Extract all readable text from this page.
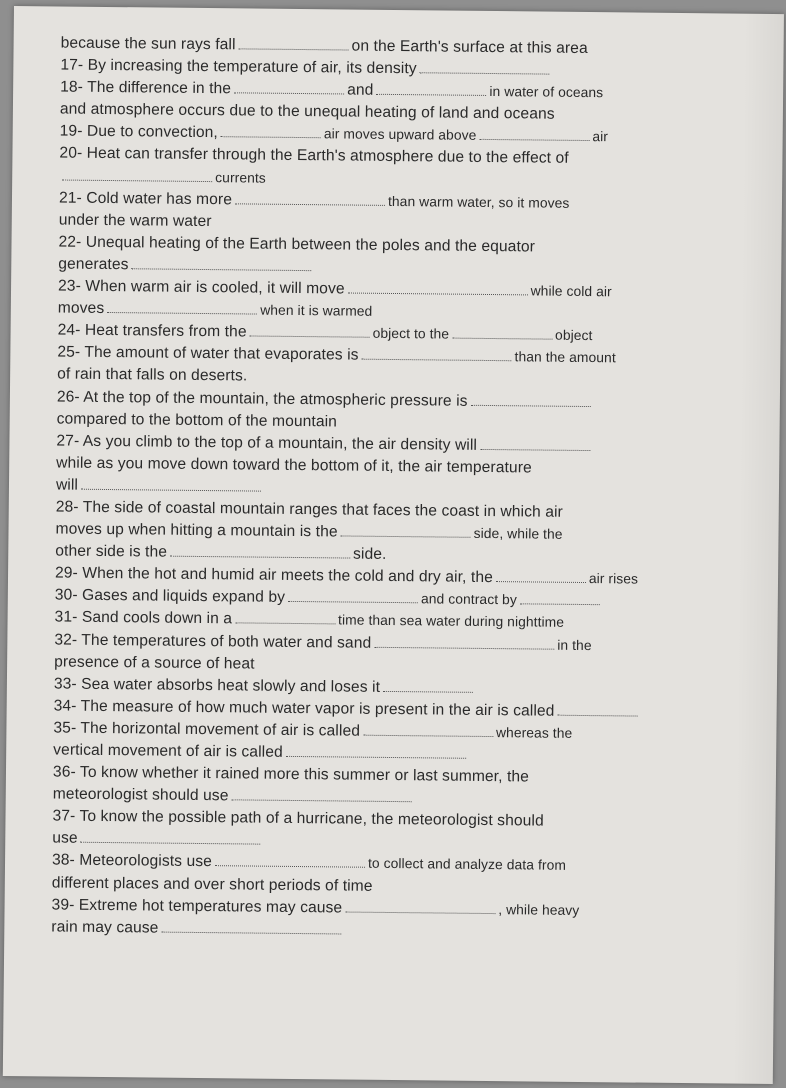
because the sun rays fall	on the Earth's surface at this area
17- By increasing the temperature of air, its density
18- The difference in the	and	in water of oceans
and atmosphere occurs due to the unequal heating of land and oceans
19- Due to convection,	air moves upward above	air
20- Heat can transfer through the Earth's atmosphere due to the effect of
currents
21- Cold water has more	than warm water, so it moves
under the warm water
22- Unequal heating of the Earth between the poles and the equator
generates
23- When warm air is cooled, it will move	while cold air
moves	when it is warmed
24- Heat transfers from the	object to the	object
25- The amount of water that evaporates is	than the amount
of rain that falls on deserts.
26- At the top of the mountain, the atmospheric pressure is
compared to the bottom of the mountain
27- As you climb to the top of a mountain, the air density will
while as you move down toward the bottom of it, the air temperature
will
28- The side of coastal mountain ranges that faces the coast in which air
moves up when hitting a mountain is the	side, while the
other side is the	side.
29- When the hot and humid air meets the cold and dry air, the	air rises
30- Gases and liquids expand by	and contract by
31- Sand cools down in a	time than sea water during nighttime
32- The temperatures of both water and sand	in the
presence of a source of heat
33- Sea water absorbs heat slowly and loses it
34- The measure of how much water vapor is present in the air is called
35- The horizontal movement of air is called	whereas the
vertical movement of air is called
36- To know whether it rained more this summer or last summer, the
meteorologist should use
37- To know the possible path of a hurricane, the meteorologist should
use
38- Meteorologists use	to collect and analyze data from
different places and over short periods of time
39- Extreme hot temperatures may cause	, while heavy
rain may cause
